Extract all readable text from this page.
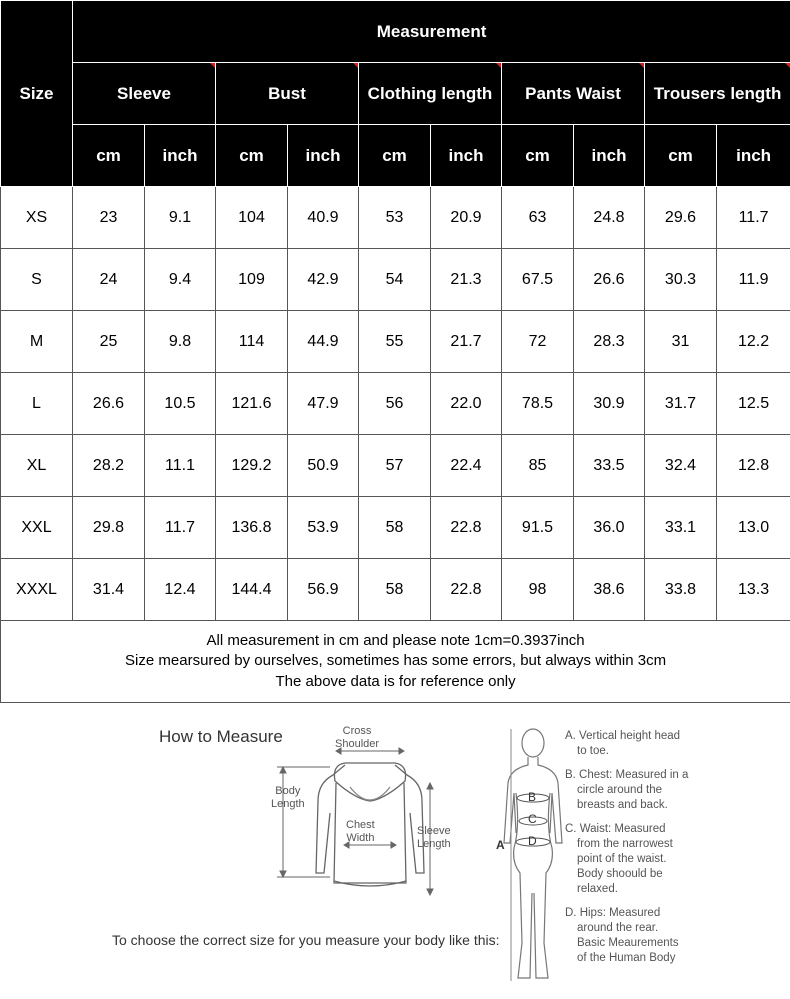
Size	Measurement									
	Sleeve		Bust		Clothing length		Pants Waist		Trousers length	

	cm	inch	cm	inch	cm	inch	cm	inch	cm	inch
XS	23	9.1	104	40.9	53	20.9	63	24.8	29.6	11.7
S	24	9.4	109	42.9	54	21.3	67.5	26.6	30.3	11.9
M	25	9.8	114	44.9	55	21.7	72	28.3	31	12.2
L	26.6	10.5	121.6	47.9	56	22.0	78.5	30.9	31.7	12.5
XL	28.2	11.1	129.2	50.9	57	22.4	85	33.5	32.4	12.8
XXL	29.8	11.7	136.8	53.9	58	22.8	91.5	36.0	33.1	13.0
XXXL	31.4	12.4	144.4	56.9	58	22.8	98	38.6	33.8	13.3

All measurement in cm and please note 1cm=0.3937inch
Size mearsured by ourselves, sometimes has some errors, but always within 3cm
The above data is for reference only										
How to Measure	Cross
Shoulder
Body
Length
Chest
Width
Sleeve
Length
To choose the correct size for you measure your body like this:
A
B
C
D
A. Vertical height head
to toe.
B. Chest: Measured in a
circle around the
breasts and back.
C. Waist: Measured
from the narrowest
point of the waist.
Body shoould be
relaxed.
D. Hips: Measured
around the rear.
Basic Meaurements
of the Human Body
